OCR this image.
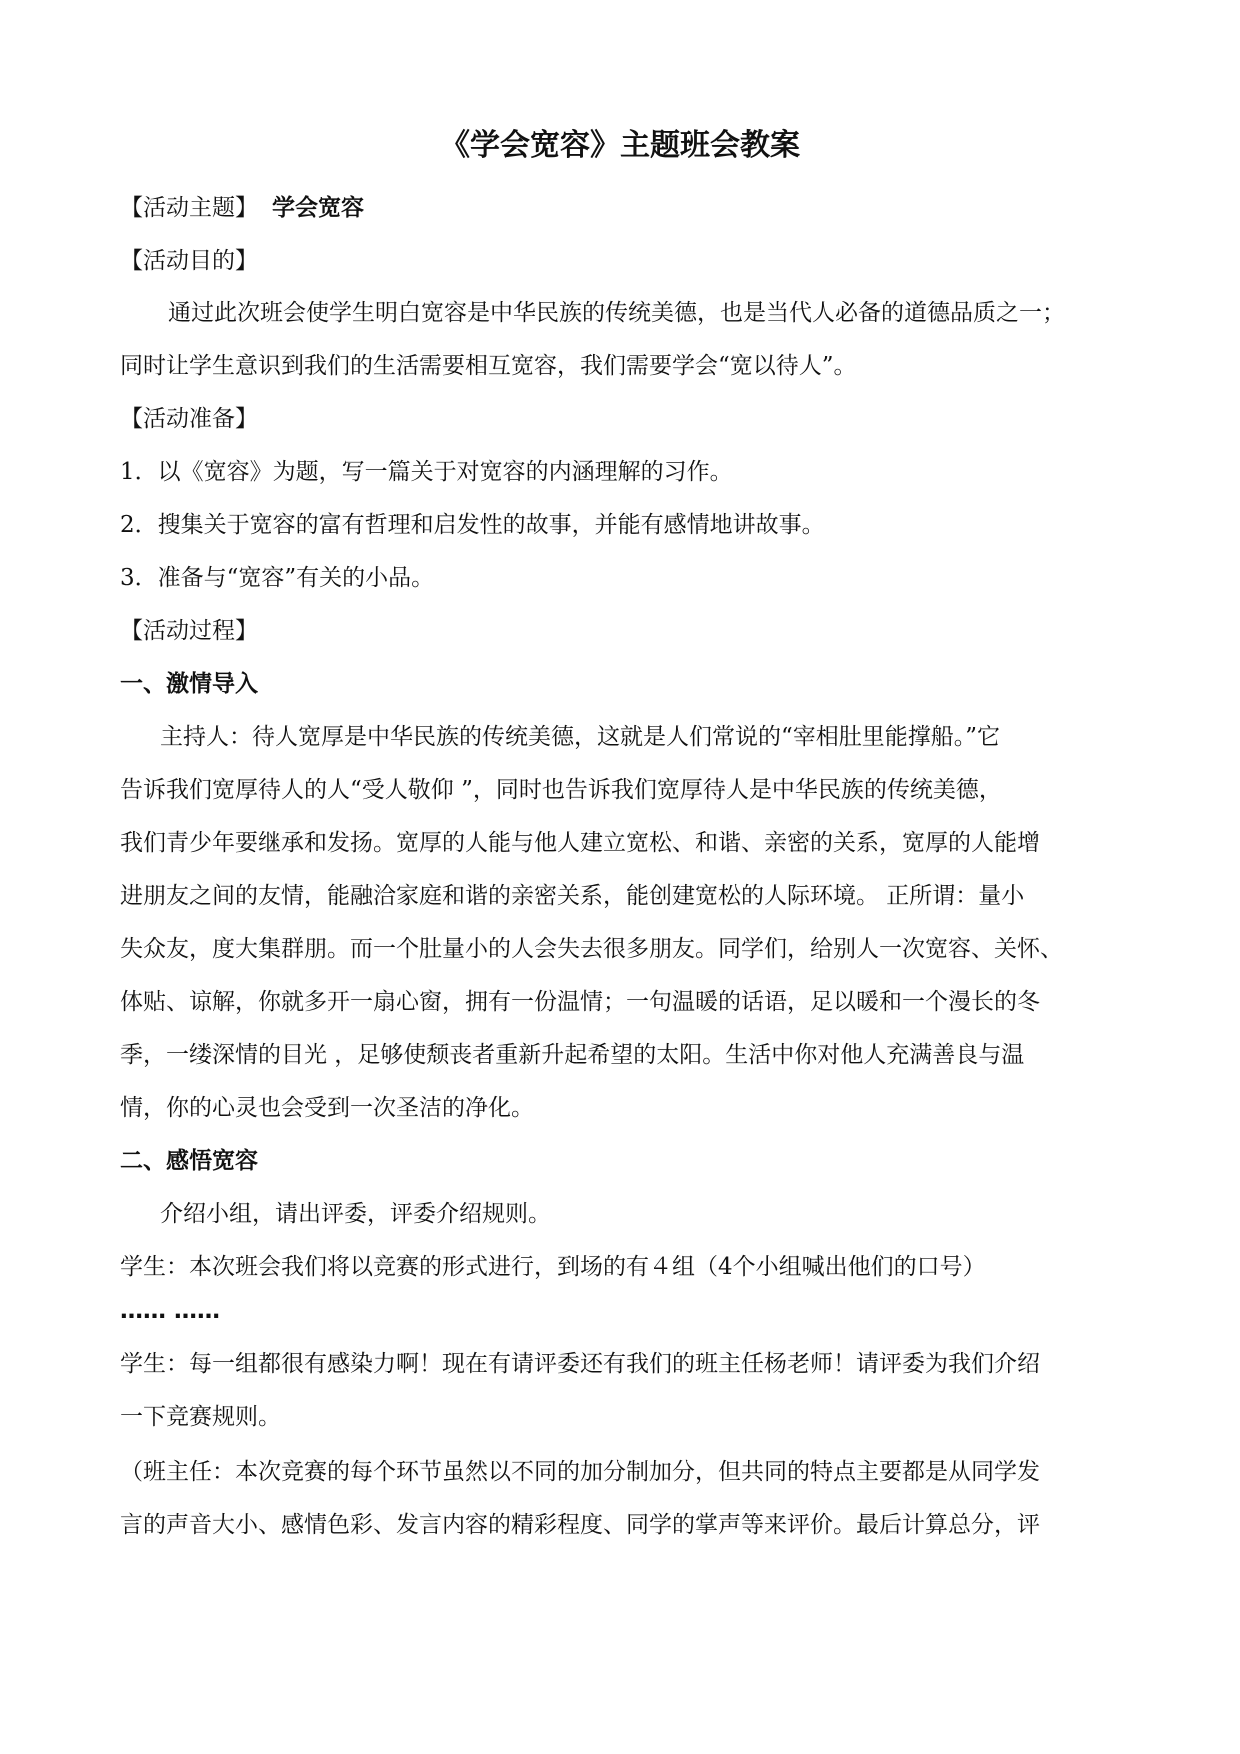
《学会宽容》主题班会教案
【活动主题】 学会宽容
【活动目的】
通过此次班会使学生明白宽容是中华民族的传统美德，也是当代人必备的道德品质之一；
同时让学生意识到我们的生活需要相互宽容，我们需要学会“宽以待人”。
【活动准备】
1．以《宽容》为题，写一篇关于对宽容的内涵理解的习作。
2．搜集关于宽容的富有哲理和启发性的故事，并能有感情地讲故事。
3．准备与“宽容”有关的小品。
【活动过程】
一、激情导入
主持人：待人宽厚是中华民族的传统美德，这就是人们常说的“宰相肚里能撑船。”它
告诉我们宽厚待人的人“受人敬仰 ”，同时也告诉我们宽厚待人是中华民族的传统美德，
我们青少年要继承和发扬。宽厚的人能与他人建立宽松、和谐、亲密的关系，宽厚的人能增
进朋友之间的友情，能融洽家庭和谐的亲密关系，能创建宽松的人际环境。 正所谓：量小
失众友，度大集群朋。而一个肚量小的人会失去很多朋友。同学们，给别人一次宽容、关怀、
体贴、谅解，你就多开一扇心窗，拥有一份温情；一句温暖的话语，足以暖和一个漫长的冬
季，一缕深情的目光 ，足够使颓丧者重新升起希望的太阳。生活中你对他人充满善良与温
情，你的心灵也会受到一次圣洁的净化。
二、感悟宽容
介绍小组，请出评委，评委介绍规则。
学生：本次班会我们将以竞赛的形式进行，到场的有４组（4个小组喊出他们的口号）
…… ……
学生：每一组都很有感染力啊！现在有请评委还有我们的班主任杨老师！请评委为我们介绍
一下竞赛规则。
（班主任：本次竞赛的每个环节虽然以不同的加分制加分，但共同的特点主要都是从同学发
言的声音大小、感情色彩、发言内容的精彩程度、同学的掌声等来评价。最后计算总分，评
